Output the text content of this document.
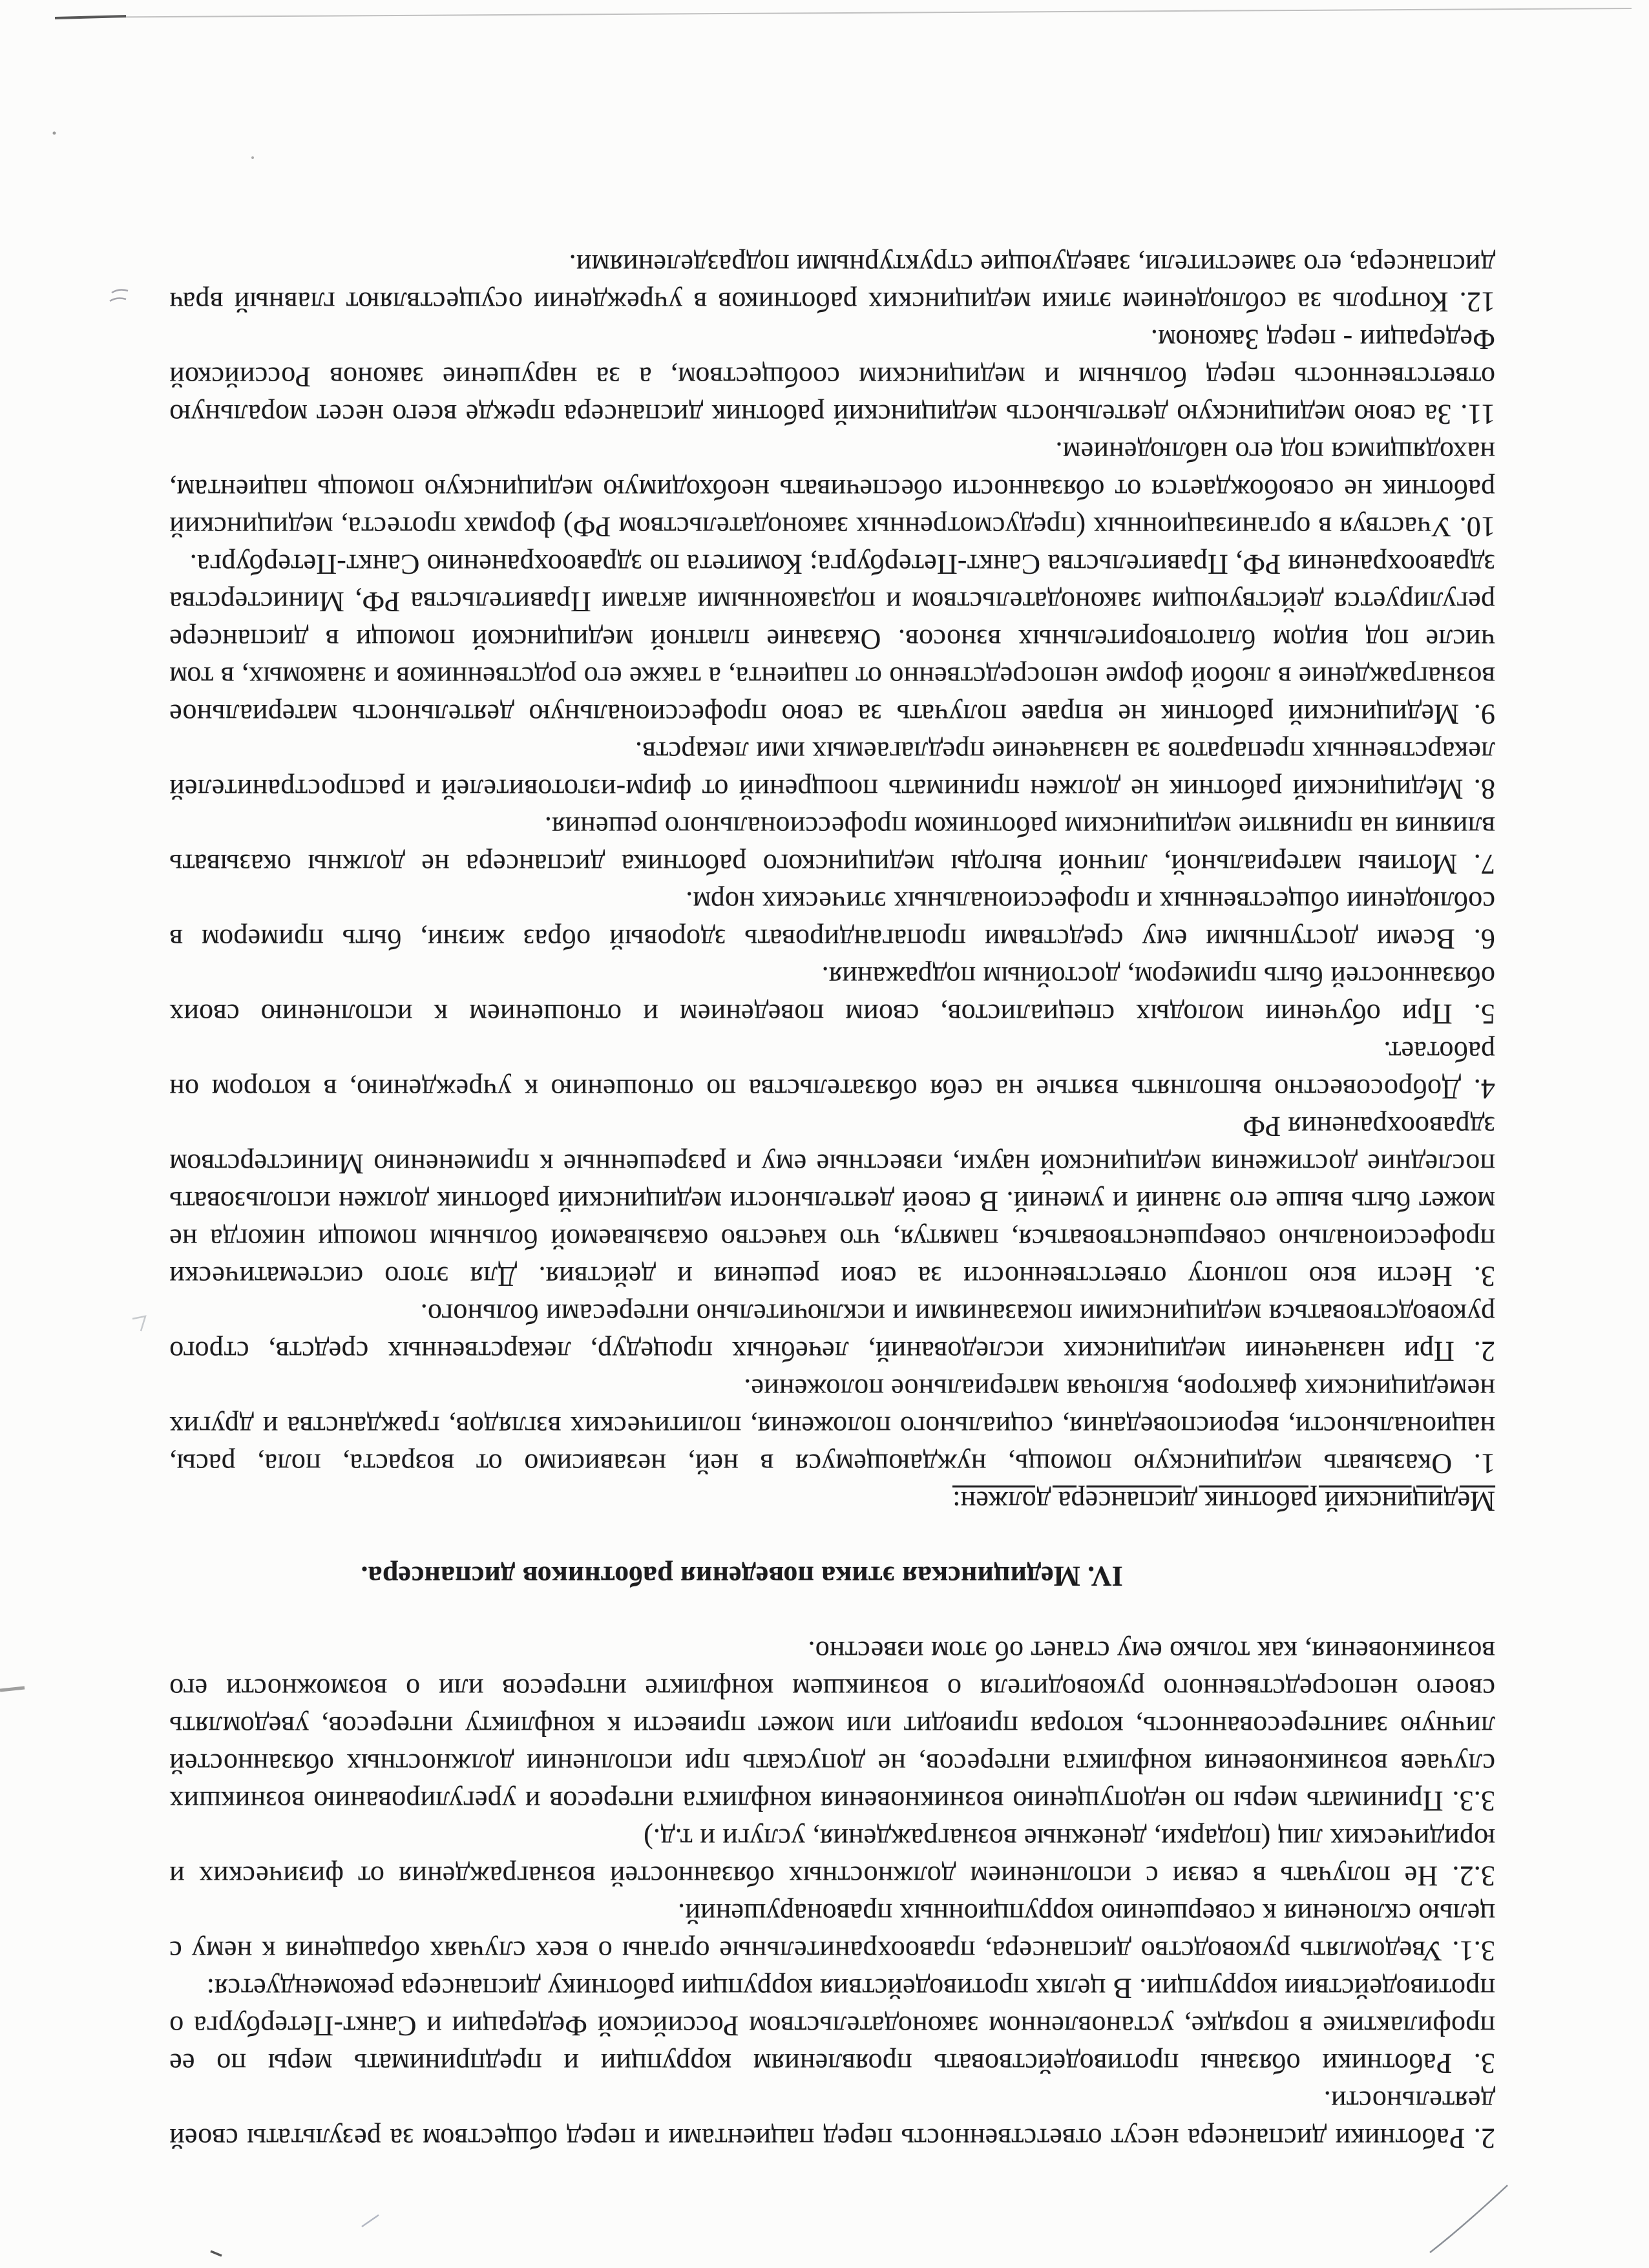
2. Работники диспансера несут ответственность перед пациентами и перед обществом за результаты своей деятельности.

3. Работники обязаны противодействовать проявлениям коррупции и предпринимать меры по ее профилактике в порядке, установленном законодательством Российской Федерации и Санкт-Петербурга о противодействии коррупции. В целях противодействия коррупции работнику диспансера рекомендуется:

3.1. Уведомлять руководство диспансера, правоохранительные органы о всех случаях обращения к нему с целью склонения к совершению коррупционных правонарушений.

3.2. Не получать в связи с исполнением должностных обязанностей вознаграждения от физических и юридических лиц (подарки, денежные вознаграждения, услуги и т.д.)

3.3. Принимать меры по недопущению возникновения конфликта интересов и урегулированию возникших случаев возникновения конфликта интересов, не допускать при исполнении должностных обязанностей личную заинтересованность, которая приводит или может привести к конфликту интересов, уведомлять своего непосредственного руководителя о возникшем конфликте интересов или о возможности его возникновения, как только ему станет об этом известно.

IV. Медицинская этика поведения работников диспансера.

Медицинский работник диспансера должен:

1. Оказывать медицинскую помощь, нуждающемуся в ней, независимо от возраста, пола, расы, национальности, вероисповедания, социального положения, политических взглядов, гражданства и других немедицинских факторов, включая материальное положение.

2. При назначении медицинских исследований, лечебных процедур, лекарственных средств, строго руководствоваться медицинскими показаниями и исключительно интересами больного.

3. Нести всю полноту ответственности за свои решения и действия. Для этого систематически профессионально совершенствоваться, памятуя, что качество оказываемой больным помощи никогда не может быть выше его знаний и умений. В своей деятельности медицинский работник должен использовать последние достижения медицинской науки, известные ему и разрешенные к применению Министерством здравоохранения РФ

4. Добросовестно выполнять взятые на себя обязательства по отношению к учреждению, в котором он работает.

5. При обучении молодых специалистов, своим поведением и отношением к исполнению своих обязанностей быть примером, достойным подражания.

6. Всеми доступными ему средствами пропагандировать здоровый образ жизни, быть примером в соблюдении общественных и профессиональных этических норм.

7. Мотивы материальной, личной выгоды медицинского работника диспансера не должны оказывать влияния на принятие медицинским работником профессионального решения.

8. Медицинский работник не должен принимать поощрений от фирм-изготовителей и распространителей лекарственных препаратов за назначение предлагаемых ими лекарств.

9. Медицинский работник не вправе получать за свою профессиональную деятельность материальное вознаграждение в любой форме непосредственно от пациента, а также его родственников и знакомых, в том числе под видом благотворительных взносов. Оказание платной медицинской помощи в диспансере регулируется действующим законодательством и подзаконными актами Правительства РФ, Министерства здравоохранения РФ, Правительства Санкт-Петербурга; Комитета по здравоохранению Санкт-Петербурга.

10. Участвуя в организационных (предусмотренных законодательством РФ) формах протеста, медицинский работник не освобождается от обязанности обеспечивать необходимую медицинскую помощь пациентам, находящимся под его наблюдением.

11. За свою медицинскую деятельность медицинский работник диспансера прежде всего несет моральную ответственность перед больным и медицинским сообществом, а за нарушение законов Российской Федерации - перед Законом.

12. Контроль за соблюдением этики медицинских работников в учреждении осуществляют главный врач диспансера, его заместители, заведующие структурными подразделениями.
